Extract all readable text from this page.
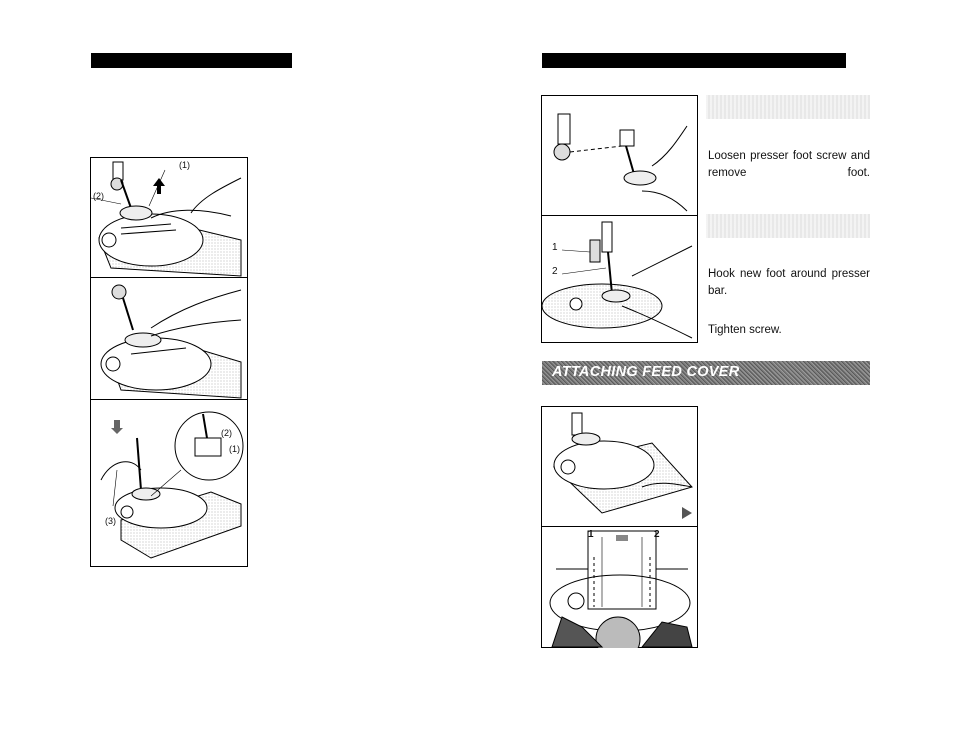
(1)
(2)
(2)
(1)
(3)
1
2
Loosen presser foot screw and remove foot.
Hook new foot around presser bar.
Tighten screw.
ATTACHING FEED COVER
1	2
